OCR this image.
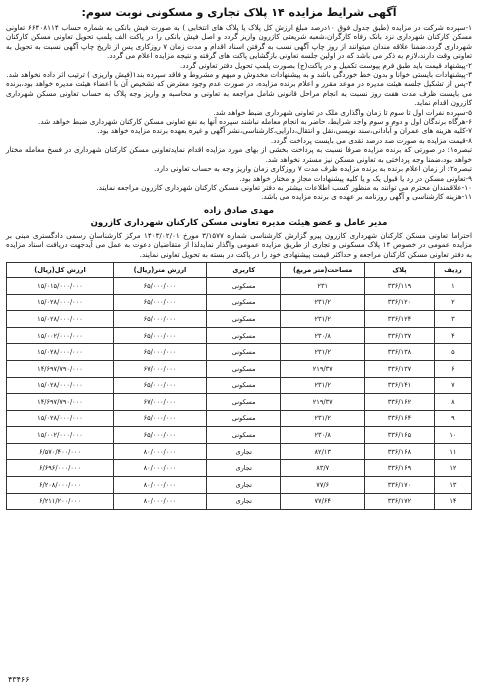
آگهی شرایط مزایده ۱۴ پلاک تجاری و مسکونی نوبت سوم:

۱-سپرده شرکت در مزایده (طبق جدول فوق ۱۰درصد مبلغ ارزش کل پلاک یا پلاک های انتخابی ) به صورت فیش بانکی به شماره حساب ۶۶۴۰۸۱۱۴ تعاونی مسکن کارکنان شهرداری نزد بانک رفاه کارگران،شعبه شریعتی کازرون واریز گردد و اصل فیش بانکی را در پاکت الف پلمپ تحویل تعاونی مسکن کارکنان شهرداری گردد،ضمنا علاقه مندان میتوانند از روز چاپ آگهی نسب به گرفتن اسناد اقدام و مدت زمان ۷ روزکاری پس از تاریخ چاپ آگهی نسبت به تحویل به تعاونی وقت دارند،لازم به ذکر می باشد که در اولین جلسه تعاونی بازگشایی پاکت های گرفته و نتیجه مزایده اعلام می گردد.

۲-پیشنهاد قیمت باید طبق فرم پیوست تکمیل و در پاکت(ج) بصورت پلمپ تحویل دفتر تعاونی گردد.

۳-پیشنهادات بایستی خوانا و بدون خط خوردگی باشد و به پیشنهادات مخدوش و مبهم و مشروط و فاقد سپرده بند۱(فیش واریزی ) ترتیب اثر داده نخواهد شد.

۴-پس از تشکیل جلسه هیئت مدیره در موعد مقرر و اعلام برنده مزایده، در صورت عدم وجود معترض که تشخیص آن با اعضاء هیئت مدیره خواهد بود،برنده می بایست ظرف مدت هفت روز نسبت به انجام مراحل قانونی شامل مراجعه به تعاونی و محاسبه و واریز وجه پلاک به حساب تعاونی مسکن شهرداری کازرون اقدام نماید.

۵-سپرده نفرات اول تا سوم تا زمان واگذاری ملک در تعاونی شهرداری ضبط خواهد شد.

۶-هرگاه برندگان اول و دوم و سوم واجد شرایط، حاضر به انجام معامله نباشند سپرده آنها به نفع تعاونی مسکن کارکنان شهرداری ضبط خواهد شد.

۷-کلیه هزینه های عمران و آبادانی،سند نویسی،نقل و انتقال،دارایی،کارشناسی،نشر آگهی و غیره بعهده برنده مزایده خواهد بود.

۸-قیمت مزایده به صورت صد درصد نقدی می بایست پرداخت گردد.

تبصره۱: در صورتی که برنده مزایده صرفا نسبت به پرداخت بخشی از بهای مورد مزایده اقدام نمایدتعاونی مسکن کارکنان شهرداری در فسخ معامله مختار خواهد بود،ضمنا وجه پرداختی به تعاونی مسکن نیز مسترد نخواهد شد.

تبصره۲: از زمان اعلام برنده به برنده مزایده ظرف مدت ۷ روزکاری زمان واریز وجه به حساب تعاونی دارد.

۹-تعاونی مسکن در رد یا قبول یک و یا کلیه پیشنهادات مجاز و مختار خواهد بود.

۱۰-علاقمندان محترم می توانند به منظور کسب اطلاعات بیشتر به دفتر تعاونی مسکن کارکنان شهرداری کازرون مراجعه نمایند.

۱۱-هزینه کارشناسی و آگهی روزنامه بر عهده ی برنده مزایده می باشد.

مهدی صادق زاده
مدیر عامل و عضو هیئت مدیره تعاونی مسکن کارکنان شهرداری کازرون

احتراما تعاونی مسکن کارکنان شهرداری کازرون پیرو گزارش کارشناسی شماره ۳/۱۵۷۷ مورخ ۱۴۰۳/۰۲/۰۱ مرکز کارشناسان رسمی دادگستری مبنی بر مزایده عمومی در خصوص ۱۴ پلاک مسکونی و تجاری از طریق مزایده عمومی واگذار نمایدلذا از متقاضیان دعوت به عمل می آیدجهت دریافت اسناد مزایده به دفتر تعاونی مسکن کارکنان مراجعه و حداکثر قیمت پیشنهادی خود را در پاکت در بسته به تحویل تعاونی نمایند.

ردیف	پلاک	مساحت(متر مربع)	کاربری	ارزش متر(ریال)	ارزش کل(ریال)
۱	۳۳۶/۱۱۹	۲۳۱	مسکونی	۶۵/۰۰۰/۰۰۰	۱۵/۰۱۵/۰۰۰/۰۰۰
۲	۳۳۶/۱۲۰	۲۳۱/۲	مسکونی	۶۵/۰۰۰/۰۰۰	۱۵/۰۲۸/۰۰۰/۰۰۰
۳	۳۳۶/۱۲۴	۲۳۱/۲	مسکونی	۶۵/۰۰۰/۰۰۰	۱۵/۰۲۸/۰۰۰/۰۰۰
۴	۳۳۶/۱۳۷	۲۳۰/۸	مسکونی	۶۵/۰۰۰/۰۰۰	۱۵/۰۰۲/۰۰۰/۰۰۰
۵	۳۳۶/۱۳۸	۲۳۱/۲	مسکونی	۶۵/۰۰۰/۰۰۰	۱۵/۰۲۸/۰۰۰/۰۰۰
۶	۳۳۶/۱۳۷	۲۱۹/۳۷	مسکونی	۶۷/۰۰۰/۰۰۰	۱۴/۶۹۷/۷۹۰/۰۰۰
۷	۳۳۶/۱۴۱	۲۳۱/۲	مسکونی	۶۵/۰۰۰/۰۰۰	۱۵/۰۲۸/۰۰۰/۰۰۰
۸	۳۳۶/۱۶۲	۲۱۹/۳۷	مسکونی	۶۷/۰۰۰/۰۰۰	۱۴/۶۹۷/۷۹۰/۰۰۰
۹	۳۳۶/۱۶۴	۲۳۱/۲	مسکونی	۶۵/۰۰۰/۰۰۰	۱۵/۰۲۸/۰۰۰/۰۰۰
۱۰	۳۳۶/۱۶۵	۲۳۰/۸	مسکونی	۶۵/۰۰۰/۰۰۰	۱۵/۰۰۲/۰۰۰/۰۰۰
۱۱	۳۳۶/۱۶۸	۸۲/۱۳	تجاری	۸۰/۰۰۰/۰۰۰	۶/۵۷۰/۴۰۰/۰۰۰
۱۲	۳۳۶/۱۶۹	۸۳/۷	تجاری	۸۰/۰۰۰/۰۰۰	۶/۶۹۶/۰۰۰/۰۰۰
۱۳	۳۳۶/۱۷۰	۷۷/۶	تجاری	۸۰/۰۰۰/۰۰۰	۶/۲۰۸/۰۰۰/۰۰۰
۱۴	۳۳۶/۱۷۲	۷۷/۶۴	تجاری	۸۰/۰۰۰/۰۰۰	۶/۲۱۱/۲۰۰/۰۰۰
۴۳۴۶۶
